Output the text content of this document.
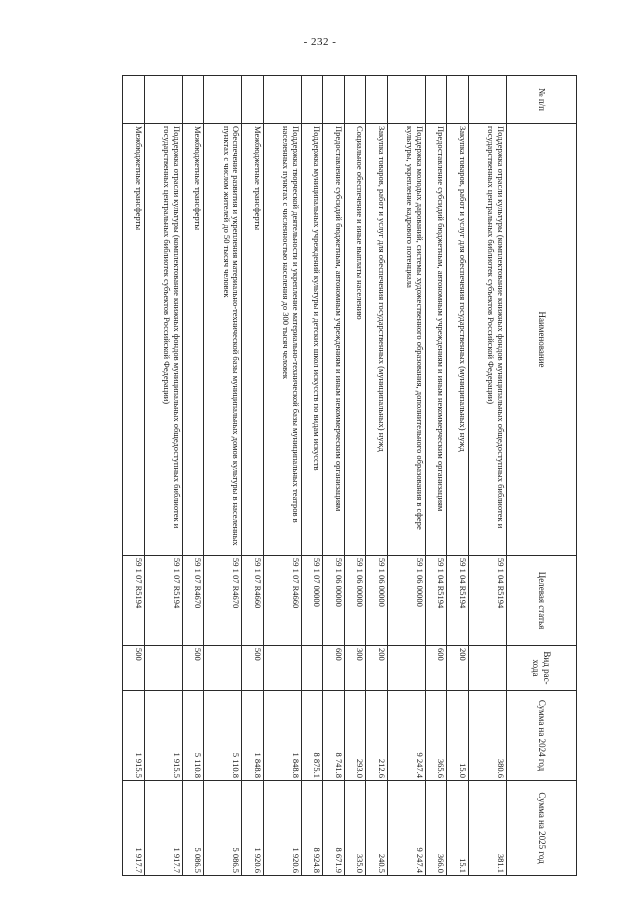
- 232 -
№ п/п	Наименование	Целевая статья	Вид рас-хода	Сумма на 2024 год	Сумма на 2025 год
	Поддержка отрасли культуры (комплектование книжных фондов муниципальных общедоступных библиотек и государственных центральных библиотек субъектов Российской Федерации)	59 1 04 R5194		380.6	381.1
	Закупка товаров, работ и услуг для обеспечения государственных (муниципальных) нужд	59 1 04 R5194	200	15.0	15.1
	Предоставление субсидий бюджетным, автономным учреждениям и иным некоммерческим организациям	59 1 04 R5194	600	365.6	366.0
	Поддержка молодых дарований, системы художественного образования, дополнительного образования в сфере культуры, укрепление кадрового потенциала	59 1 06 00000		9 247.4	9 247.4
	Закупка товаров, работ и услуг для обеспечения государственных (муниципальных) нужд	59 1 06 00000	200	212.6	240.5
	Социальное обеспечение и иные выплаты населению	59 1 06 00000	300	293.0	335.0
	Предоставление субсидий бюджетным, автономным учреждениям и иным некоммерческим организациям	59 1 06 00000	600	8 741.8	8 671.9
	Поддержка муниципальных учреждений культуры и детских школ искусств по видам искусств	59 1 07 00000		8 875.1	8 924.8
	Поддержка творческой деятельности и укрепление материально-технической базы муниципальных театров в населенных пунктах с численностью населения до 300 тысяч человек	59 1 07 R4660		1 848.8	1 920.6
	Межбюджетные трансферты	59 1 07 R4660	500	1 848.8	1 920.6
	Обеспечение развития и укрепления материально-технической базы муниципальных домов культуры в населенных пунктах с числом жителей до 50 тысяч человек	59 1 07 R4670		5 110.8	5 086.5
	Межбюджетные трансферты	59 1 07 R4670	500	5 110.8	5 086.5
	Поддержка отрасли культуры (комплектование книжных фондов муниципальных общедоступных библиотек и государственных центральных библиотек субъектов Российской Федерации)	59 1 07 R5194		1 915.5	1 917.7
	Межбюджетные трансферты	59 1 07 R5194	500	1 915.5	1 917.7
